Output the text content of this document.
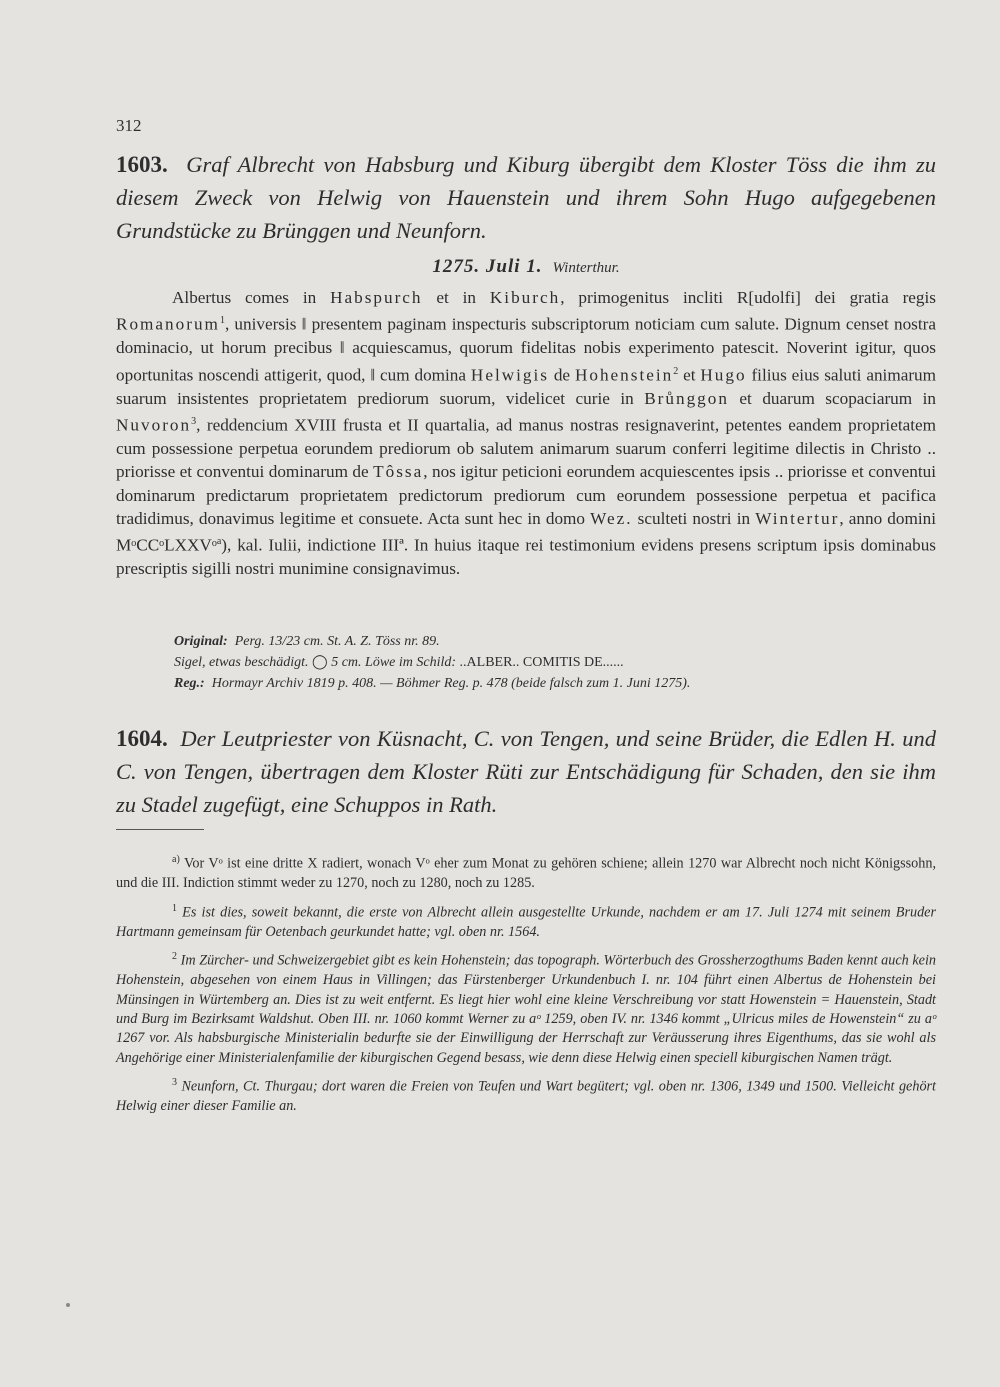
312

1603. Graf Albrecht von Habsburg und Kiburg übergibt dem Kloster Töss die ihm zu diesem Zweck von Helwig von Hauenstein und ihrem Sohn Hugo aufgegebenen Grundstücke zu Brünggen und Neunforn.

1275. Juli 1. Winterthur.

Albertus comes in Habspurch et in Kiburch, primogenitus incliti R[udolfi] dei gratia regis Romanorum$^1$, universis ‖ presentem paginam inspecturis subscriptorum noticiam cum salute. Dignum censet nostra dominacio, ut horum precibus ‖ acquiescamus, quorum fidelitas nobis experimento patescit. Noverint igitur, quos oportunitas noscendi attigerit, quod, ‖ cum domina Helwigis de Hohenstein$^2$ et Hugo filius eius saluti animarum suarum insistentes proprietatem prediorum suorum, videlicet curie in Brůnggon et duarum scopaciarum in Nuvoron$^3$, reddencium XVIII frusta et II quartalia, ad manus nostras resignaverint, petentes eandem proprietatem cum possessione perpetua eorundem prediorum ob salutem animarum suarum conferri legitime dilectis in Christo .. priorisse et conventui dominarum de Tôssa, nos igitur peticioni eorundem acquiescentes ipsis .. priorisse et conventui dominarum predictarum proprietatem predictorum prediorum cum eorundem possessione perpetua et pacifica tradidimus, donavimus legitime et consuete. Acta sunt hec in domo Wez. sculteti nostri in Wintertur, anno domini MᵒCCᵒLXXVᵒ$^a$), kal. Iulii, indictione IIIª. In huius itaque rei testimonium evidens presens scriptum ipsis dominabus prescriptis sigilli nostri munimine consignavimus.

Original: Perg. 13/23 cm. St. A. Z. Töss nr. 89.
Sigel, etwas beschädigt. ◯ 5 cm. Löwe im Schild: ..ALBER.. COMITIS DE......
Reg.: Hormayr Archiv 1819 p. 408. — Böhmer Reg. p. 478 (beide falsch zum 1. Juni 1275).

1604. Der Leutpriester von Küsnacht, C. von Tengen, und seine Brüder, die Edlen H. und C. von Tengen, übertragen dem Kloster Rüti zur Entschädigung für Schaden, den sie ihm zu Stadel zugefügt, eine Schuppos in Rath.

$^{a)}$ Vor Vᵒ ist eine dritte X radiert, wonach Vᵒ eher zum Monat zu gehören schiene; allein 1270 war Albrecht noch nicht Königssohn, und die III. Indiction stimmt weder zu 1270, noch zu 1280, noch zu 1285.

$^1$ Es ist dies, soweit bekannt, die erste von Albrecht allein ausgestellte Urkunde, nachdem er am 17. Juli 1274 mit seinem Bruder Hartmann gemeinsam für Oetenbach geurkundet hatte; vgl. oben nr. 1564.

$^2$ Im Zürcher- und Schweizergebiet gibt es kein Hohenstein; das topograph. Wörterbuch des Grossherzogthums Baden kennt auch kein Hohenstein, abgesehen von einem Haus in Villingen; das Fürstenberger Urkundenbuch I. nr. 104 führt einen Albertus de Hohenstein bei Münsingen in Würtemberg an. Dies ist zu weit entfernt. Es liegt hier wohl eine kleine Verschreibung vor statt Howenstein = Hauenstein, Stadt und Burg im Bezirksamt Waldshut. Oben III. nr. 1060 kommt Werner zu aᵒ 1259, oben IV. nr. 1346 kommt „Ulricus miles de Howenstein“ zu aᵒ 1267 vor. Als habsburgische Ministerialin bedurfte sie der Einwilligung der Herrschaft zur Veräusserung ihres Eigenthums, das sie wohl als Angehörige einer Ministerialenfamilie der kiburgischen Gegend besass, wie denn diese Helwig einen speciell kiburgischen Namen trägt.

$^3$ Neunforn, Ct. Thurgau; dort waren die Freien von Teufen und Wart begütert; vgl. oben nr. 1306, 1349 und 1500. Vielleicht gehört Helwig einer dieser Familie an.
